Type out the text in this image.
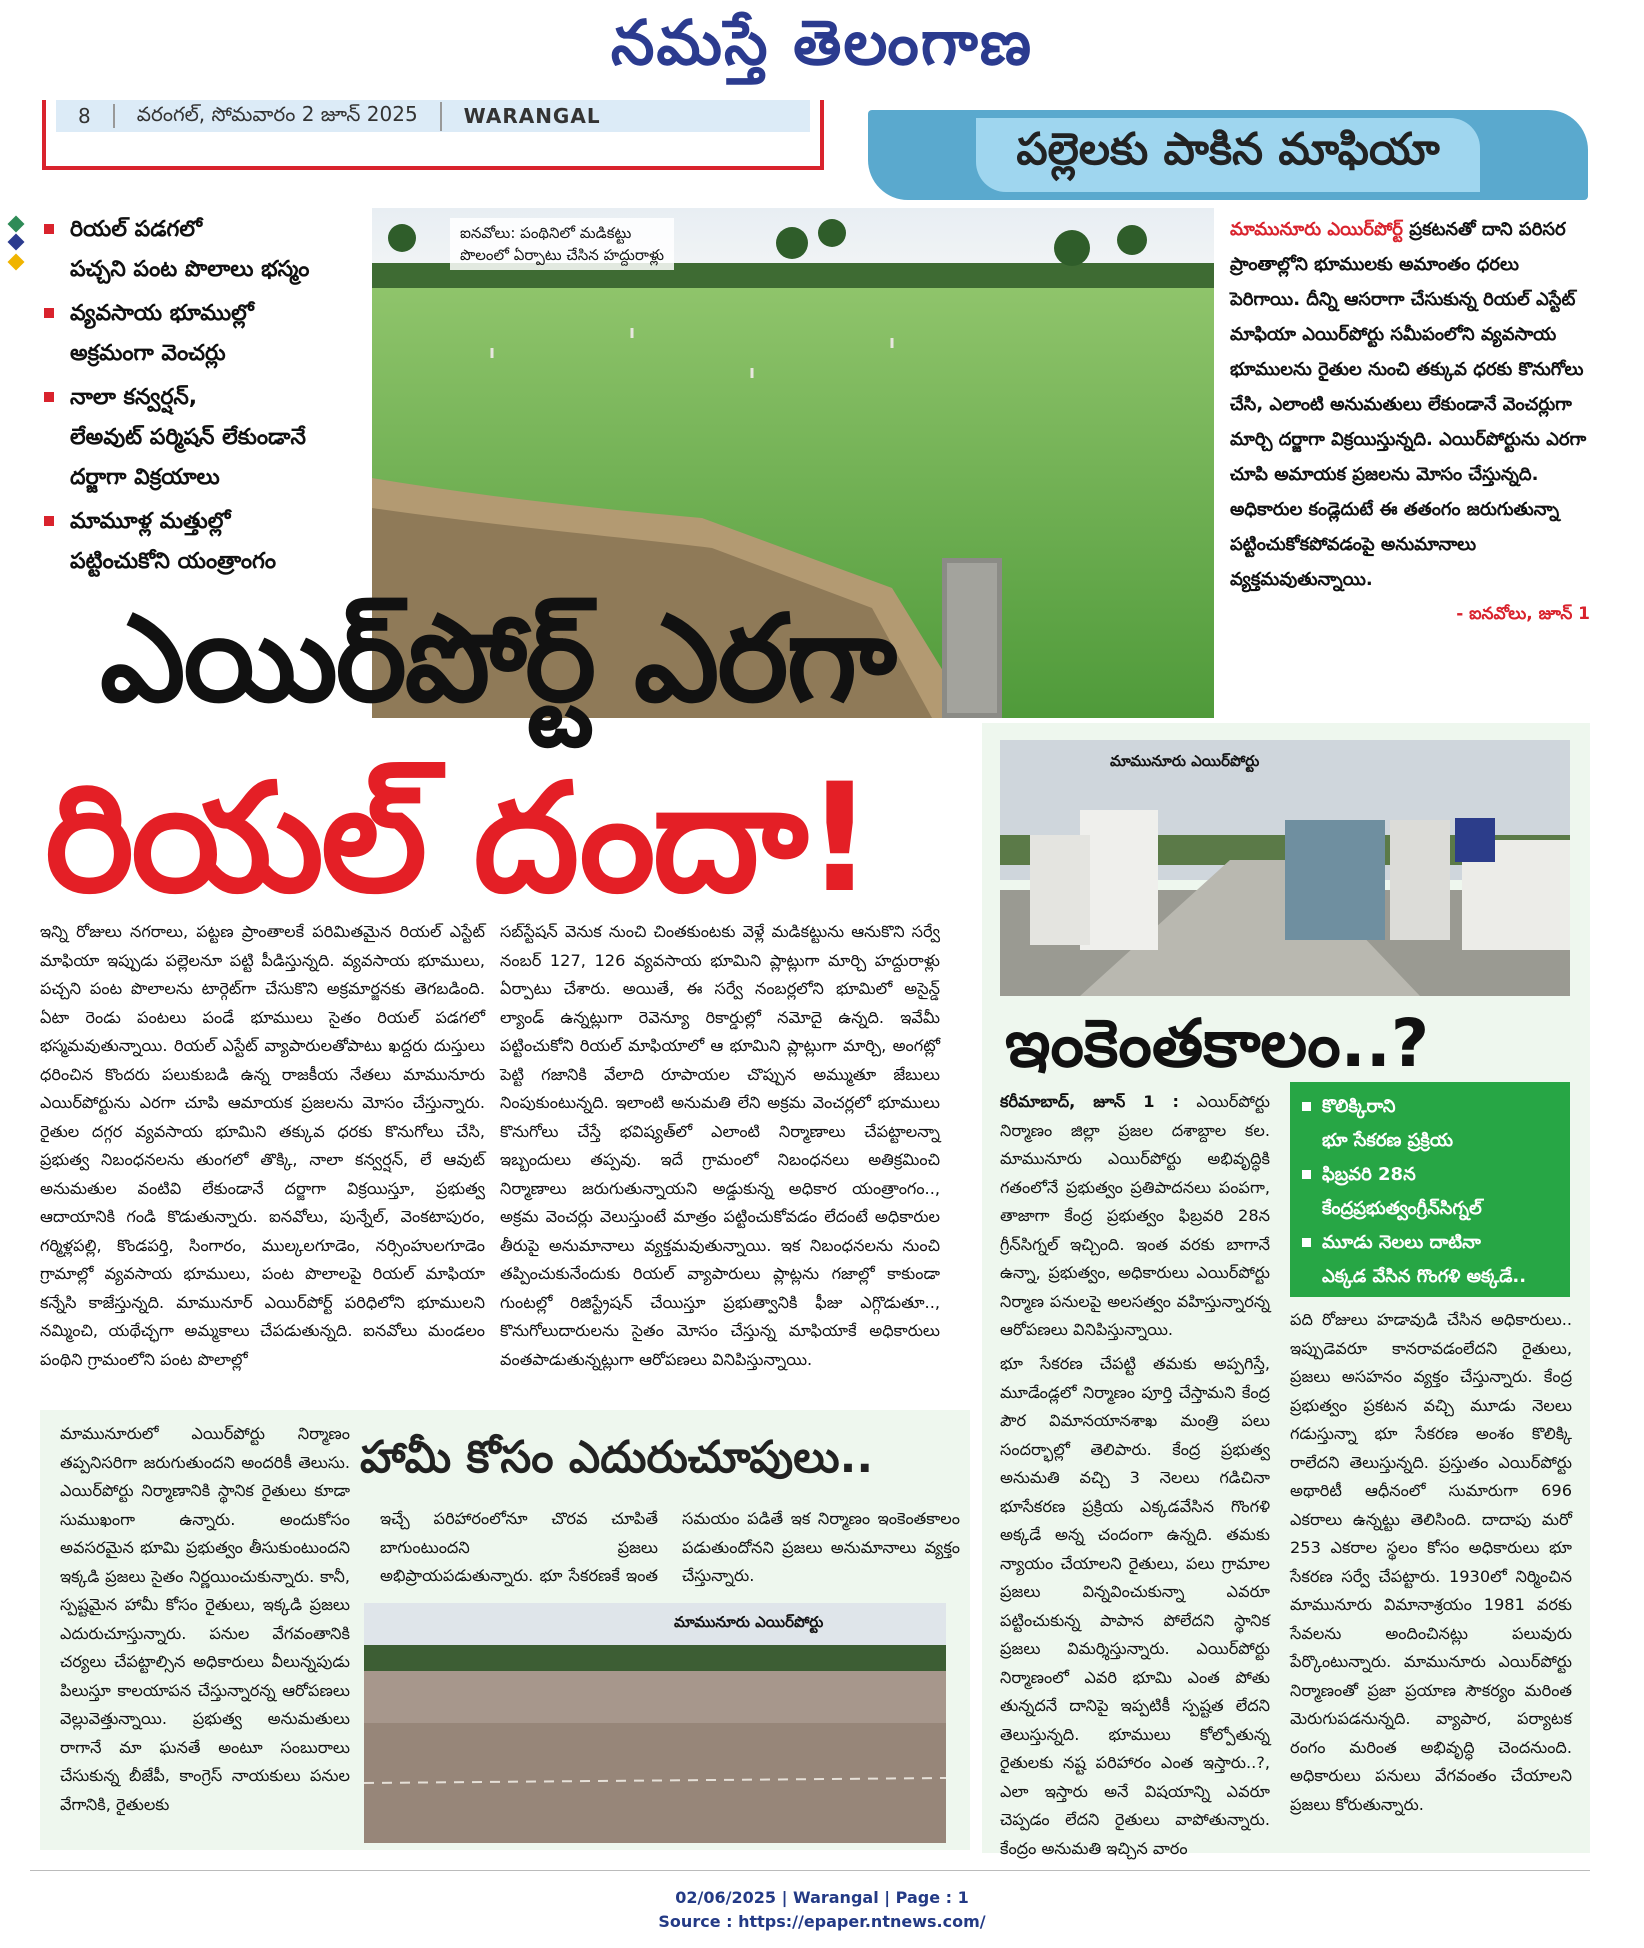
నమస్తే తెలంగాణ
8	వరంగల్, సోమవారం 2 జూన్ 2025	WARANGAL
పల్లెలకు పాకిన మాఫియా
రియల్ పడగలో
పచ్చని పంట పొలాలు భస్మం
వ్యవసాయ భూముల్లో
అక్రమంగా వెంచర్లు
నాలా కన్వర్షన్,
లేఅవుట్ పర్మిషన్ లేకుండానే
దర్జాగా విక్రయాలు
మామూళ్ల మత్తుల్లో
పట్టించుకోని యంత్రాంగం
ఐనవోలు: పంథినిలో మడికట్టు
పొలంలో ఏర్పాటు చేసిన హద్దురాళ్లు
మామునూరు ఎయిర్‌పోర్ట్ ప్రకటనతో దాని పరిసర ప్రాంతాల్లోని భూములకు అమాంతం ధరలు పెరిగాయి. దీన్ని ఆసరాగా చేసుకున్న రియల్ ఎస్టేట్ మాఫియా ఎయిర్‌పోర్టు సమీపంలోని వ్యవసాయ భూములను రైతుల నుంచి తక్కువ ధరకు కొనుగోలు చేసి, ఎలాంటి అనుమతులు లేకుండానే వెంచర్లుగా మార్చి దర్జాగా విక్రయిస్తున్నది. ఎయిర్‌పోర్టును ఎరగా చూపి అమాయక ప్రజలను మోసం చేస్తున్నది. అధికారుల కండ్లెదుటే ఈ తతంగం జరుగుతున్నా పట్టించుకోకపోవడంపై అనుమానాలు వ్యక్తమవుతున్నాయి.
- ఐనవోలు, జూన్ 1
ఎయిర్‌పోర్ట్ ఎరగా
రియల్ దందా!
ఇన్ని రోజులు నగరాలు, పట్టణ ప్రాంతాలకే పరిమితమైన రియల్ ఎస్టేట్ మాఫియా ఇప్పుడు పల్లెలనూ పట్టి పీడిస్తున్నది. వ్యవసాయ భూములు, పచ్చని పంట పొలాలను టార్గెట్‌గా చేసుకొని అక్రమార్జనకు తెగబడింది. ఏటా రెండు పంటలు పండే భూములు సైతం రియల్ పడగలో భస్మమవుతున్నాయి. రియల్ ఎస్టేట్ వ్యాపారులతోపాటు ఖద్దరు దుస్తులు ధరించిన కొందరు పలుకుబడి ఉన్న రాజకీయ నేతలు మామునూరు ఎయిర్‌పోర్టును ఎరగా చూపి ఆమాయక ప్రజలను మోసం చేస్తున్నారు. రైతుల దగ్గర వ్యవసాయ భూమిని తక్కువ ధరకు కొనుగోలు చేసి, ప్రభుత్వ నిబంధనలను తుంగలో తొక్కి, నాలా కన్వర్షన్, లే ఆవుట్ అనుమతుల వంటివి లేకుండానే దర్జాగా విక్రయిస్తూ, ప్రభుత్వ ఆదాయానికి గండి కొడుతున్నారు. ఐనవోలు, పున్నేల్, వెంకటాపురం, గర్మిళ్లపల్లి, కొండపర్తి, సింగారం, ముల్కలగూడెం, నర్సింహులగూడెం గ్రామాల్లో వ్యవసాయ భూములు, పంట పొలాలపై రియల్ మాఫియా కన్నేసి కాజేస్తున్నది. మామునూర్ ఎయిర్‌పోర్ట్ పరిధిలోని భూములని నమ్మించి, యథేచ్ఛగా అమ్మకాలు చేపడుతున్నది. ఐనవోలు మండలం పంథిని గ్రామంలోని పంట పొలాల్లో
సబ్‌స్టేషన్ వెనుక నుంచి చింతకుంటకు వెళ్లే మడికట్టును ఆనుకొని సర్వే నంబర్ 127, 126 వ్యవసాయ భూమిని ప్లాట్లుగా మార్చి హద్దురాళ్లు ఏర్పాటు చేశారు. అయితే, ఈ సర్వే నంబర్లలోని భూమిలో అసైన్డ్ ల్యాండ్ ఉన్నట్లుగా రెవెన్యూ రికార్డుల్లో నమోదై ఉన్నది. ఇవేమీ పట్టించుకోని రియల్ మాఫియాలో ఆ భూమిని ప్లాట్లుగా మార్చి, అంగట్లో పెట్టి గజానికి వేలాది రూపాయల చొప్పున అమ్ముతూ జేబులు నింపుకుంటున్నది. ఇలాంటి అనుమతి లేని అక్రమ వెంచర్లలో భూములు కొనుగోలు చేస్తే భవిష్యత్‌లో ఎలాంటి నిర్మాణాలు చేపట్టాలన్నా ఇబ్బందులు తప్పవు. ఇదే గ్రామంలో నిబంధనలు అతిక్రమించి నిర్మాణాలు జరుగుతున్నాయని అడ్డుకున్న అధికార యంత్రాంగం.., అక్రమ వెంచర్లు వెలుస్తుంటే మాత్రం పట్టించుకోవడం లేదంటే అధికారుల తీరుపై అనుమానాలు వ్యక్తమవుతున్నాయి. ఇక నిబంధనలను నుంచి తప్పించుకునేందుకు రియల్ వ్యాపారులు ప్లాట్లను గజాల్లో కాకుండా గుంటల్లో రిజిస్ట్రేషన్ చేయిస్తూ ప్రభుత్వానికి ఫీజు ఎగ్గొడుతూ.., కొనుగోలుదారులను సైతం మోసం చేస్తున్న మాఫియాకే అధికారులు వంతపాడుతున్నట్లుగా ఆరోపణలు వినిపిస్తున్నాయి.
మామునూరు ఎయిర్‌పోర్టు
ఇంకెంతకాలం..?
కరీమాబాద్, జూన్ 1 : ఎయిర్‌పోర్టు నిర్మాణం జిల్లా ప్రజల దశాబ్దాల కల. మామునూరు ఎయిర్‌పోర్టు అభివృద్ధికి గతంలోనే ప్రభుత్వం ప్రతిపాదనలు పంపగా, తాజాగా కేంద్ర ప్రభుత్వం ఫిబ్రవరి 28న గ్రీన్‌సిగ్నల్ ఇచ్చింది. ఇంత వరకు బాగానే ఉన్నా, ప్రభుత్వం, అధికారులు ఎయిర్‌పోర్టు నిర్మాణ పనులపై అలసత్వం వహిస్తున్నారన్న ఆరోపణలు వినిపిస్తున్నాయి.
కొలిక్కిరాని
భూ సేకరణ ప్రక్రియ
ఫిబ్రవరి 28న
కేంద్రప్రభుత్వంగ్రీన్‌సిగ్నల్
మూడు నెలలు దాటినా
ఎక్కడ వేసిన గొంగళి అక్కడే..
భూ సేకరణ చేపట్టి తమకు అప్పగిస్తే, మూడేండ్లలో నిర్మాణం పూర్తి చేస్తామని కేంద్ర పౌర విమానయానశాఖ మంత్రి పలు సందర్భాల్లో తెలిపారు. కేంద్ర ప్రభుత్వ అనుమతి వచ్చి 3 నెలలు గడిచినా భూసేకరణ ప్రక్రియ ఎక్కడవేసిన గొంగళి అక్కడే అన్న చందంగా ఉన్నది. తమకు న్యాయం చేయాలని రైతులు, పలు గ్రామాల ప్రజలు విన్నవించుకున్నా ఎవరూ పట్టించుకున్న పాపాన పోలేదని స్థానిక ప్రజలు విమర్శిస్తున్నారు. ఎయిర్‌పోర్టు నిర్మాణంలో ఎవరి భూమి ఎంత పోతు తున్నదనే దానిపై ఇప్పటికీ స్పష్టత లేదని తెలుస్తున్నది. భూములు కోల్పోతున్న రైతులకు నష్ట పరిహారం ఎంత ఇస్తారు..?, ఎలా ఇస్తారు అనే విషయాన్ని ఎవరూ చెప్పడం లేదని రైతులు వాపోతున్నారు. కేంద్రం అనుమతి ఇచ్చిన వారం
పది రోజులు హడావుడి చేసిన అధికారులు.. ఇప్పుడెవరూ కానరావడంలేదని రైతులు, ప్రజలు అసహనం వ్యక్తం చేస్తున్నారు. కేంద్ర ప్రభుత్వం ప్రకటన వచ్చి మూడు నెలలు గడుస్తున్నా భూ సేకరణ అంశం కొలిక్కి రాలేదని తెలుస్తున్నది. ప్రస్తుతం ఎయిర్‌పోర్టు అథారిటీ ఆధీనంలో సుమారుగా 696 ఎకరాలు ఉన్నట్టు తెలిసింది. దాదాపు మరో 253 ఎకరాల స్థలం కోసం అధికారులు భూ సేకరణ సర్వే చేపట్టారు. 1930లో నిర్మించిన మామునూరు విమానాశ్రయం 1981 వరకు సేవలను అందించినట్లు పలువురు పేర్కొంటున్నారు. మామునూరు ఎయిర్‌పోర్టు నిర్మాణంతో ప్రజా ప్రయాణ సౌకర్యం మరింత మెరుగుపడనున్నది. వ్యాపార, పర్యాటక రంగం మరింత అభివృద్ధి చెందనుంది. అధికారులు పనులు వేగవంతం చేయాలని ప్రజలు కోరుతున్నారు.
మామునూరులో ఎయిర్‌పోర్టు నిర్మాణం తప్పనిసరిగా జరుగుతుందని అందరికీ తెలుసు. ఎయిర్‌పోర్టు నిర్మాణానికి స్థానిక రైతులు కూడా సుముఖంగా ఉన్నారు. అందుకోసం అవసరమైన భూమి ప్రభుత్వం తీసుకుంటుందని ఇక్కడి ప్రజలు సైతం నిర్ణయించుకున్నారు. కానీ, స్పష్టమైన హామీ కోసం రైతులు, ఇక్కడి ప్రజలు ఎదురుచూస్తున్నారు. పనుల వేగవంతానికి చర్యలు చేపట్టాల్సిన అధికారులు వీలున్నపుడు పిలుస్తూ కాలయాపన చేస్తున్నారన్న ఆరోపణలు వెల్లువెత్తున్నాయి. ప్రభుత్వ అనుమతులు రాగానే మా ఘనతే అంటూ సంబురాలు చేసుకున్న బీజేపీ, కాంగ్రెస్ నాయకులు పనుల వేగానికి, రైతులకు
హామీ కోసం ఎదురుచూపులు..
ఇచ్చే పరిహారంలోనూ చొరవ చూపితే బాగుంటుందని ప్రజలు అభిప్రాయపడుతున్నారు. భూ సేకరణకే ఇంత సమయం పడితే ఇక నిర్మాణం ఇంకెంతకాలం పడుతుందోనని ప్రజలు అనుమానాలు వ్యక్తం చేస్తున్నారు.
మామునూరు ఎయిర్‌పోర్టు
02/06/2025 | Warangal | Page : 1
Source : https://epaper.ntnews.com/
